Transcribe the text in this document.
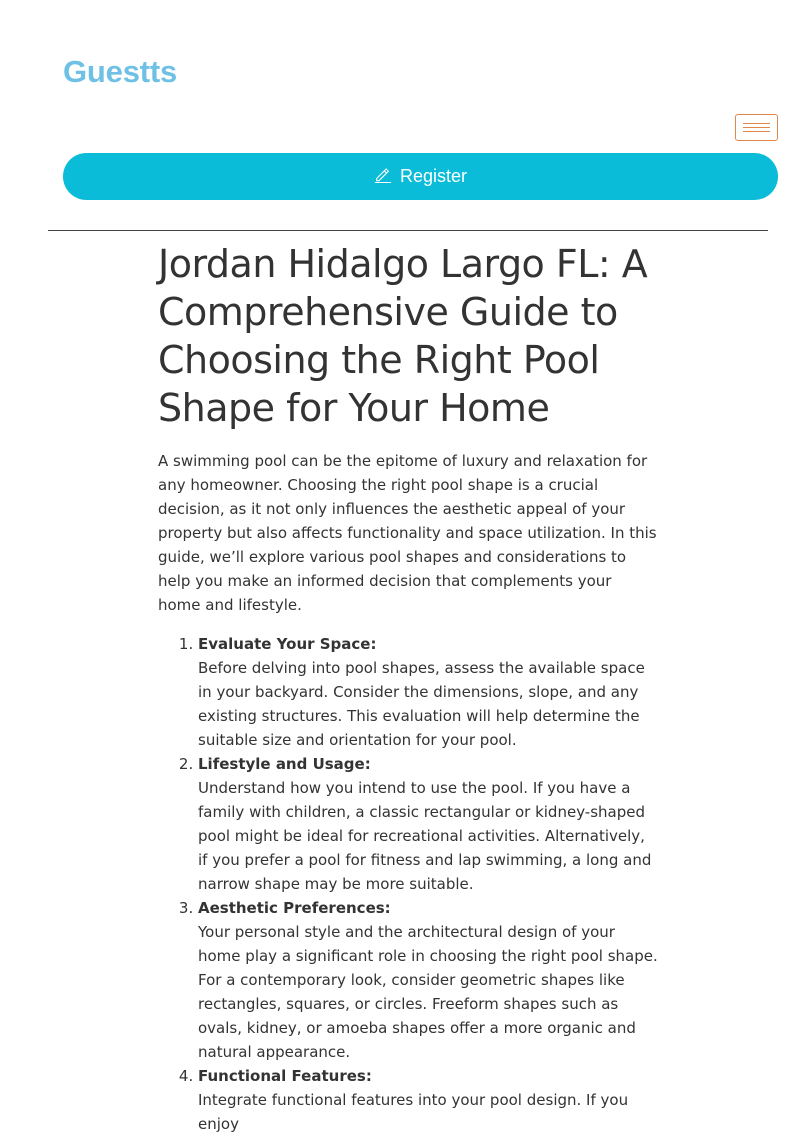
Guestts
Register
Jordan Hidalgo Largo FL: A Comprehensive Guide to Choosing the Right Pool Shape for Your Home

A swimming pool can be the epitome of luxury and relaxation for any homeowner. Choosing the right pool shape is a crucial decision, as it not only influences the aesthetic appeal of your property but also affects functionality and space utilization. In this guide, we’ll explore various pool shapes and considerations to help you make an informed decision that complements your home and lifestyle.

1. Evaluate Your Space:
Before delving into pool shapes, assess the available space in your backyard. Consider the dimensions, slope, and any existing structures. This evaluation will help determine the suitable size and orientation for your pool.
2. Lifestyle and Usage:
Understand how you intend to use the pool. If you have a family with children, a classic rectangular or kidney-shaped pool might be ideal for recreational activities. Alternatively, if you prefer a pool for fitness and lap swimming, a long and narrow shape may be more suitable.
3. Aesthetic Preferences:
Your personal style and the architectural design of your home play a significant role in choosing the right pool shape. For a contemporary look, consider geometric shapes like rectangles, squares, or circles. Freeform shapes such as ovals, kidney, or amoeba shapes offer a more organic and natural appearance.
4. Functional Features:
Integrate functional features into your pool design. If you enjoy
